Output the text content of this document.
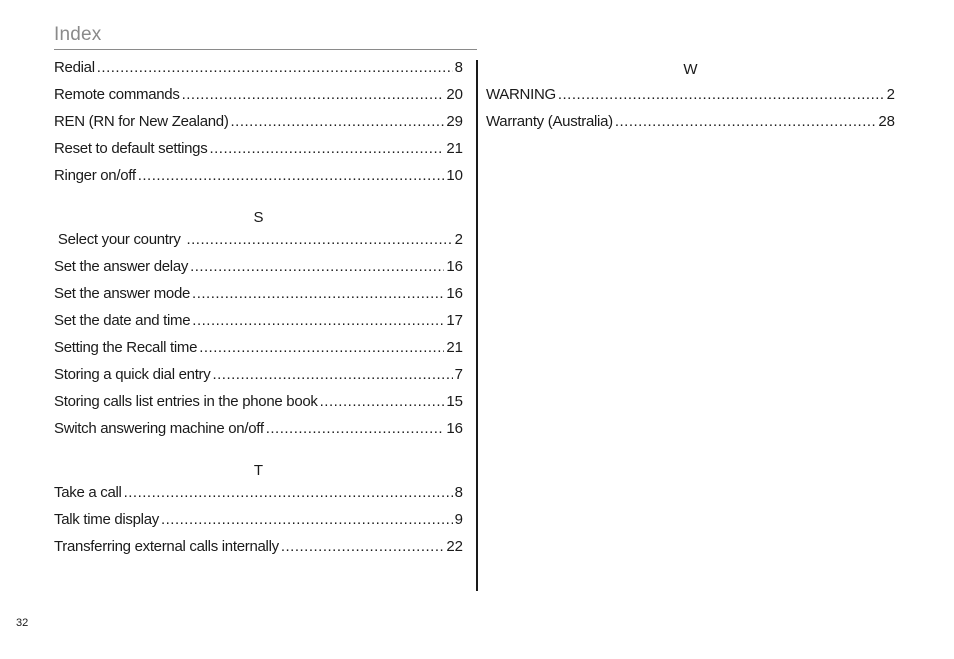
Index
Redial .....	8
Remote commands .....	20
REN (RN for New Zealand) .....	29
Reset to default settings .....	21
Ringer on/off .....	10
S
Select your country .....	2
Set the answer delay .....	16
Set the answer mode .....	16
Set the date and time .....	17
Setting the Recall time .....	21
Storing a quick dial entry .....	7
Storing calls list entries in the phone book .....	15
Switch answering machine on/off .....	16
T
Take a call .....	8
Talk time display .....	9
Transferring external calls internally .....	22
W
WARNING .....	2
Warranty (Australia) .....	28
32
